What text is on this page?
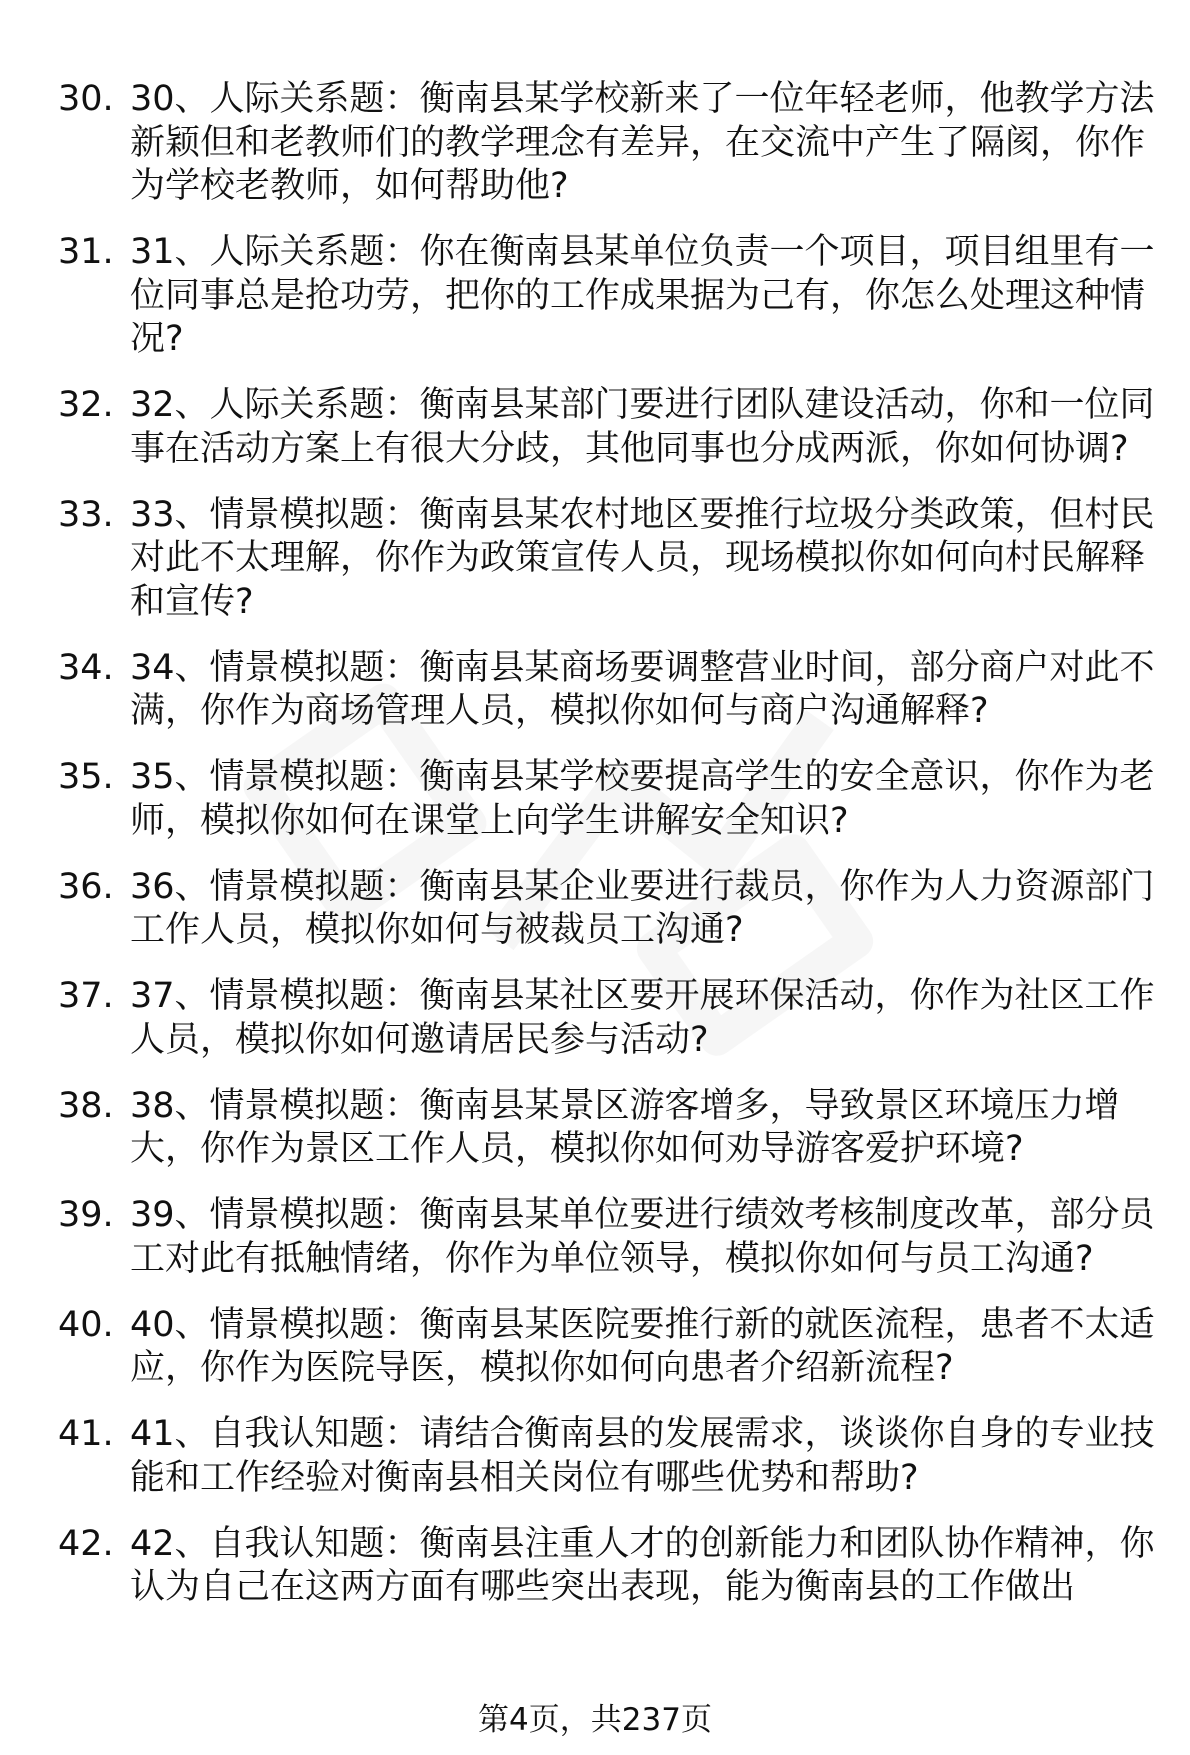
30. 30、人际关系题：衡南县某学校新来了一位年轻老师，他教学方法新颖但和老教师们的教学理念有差异，在交流中产生了隔阂，你作为学校老教师，如何帮助他?
31. 31、人际关系题：你在衡南县某单位负责一个项目，项目组里有一位同事总是抢功劳，把你的工作成果据为己有，你怎么处理这种情况?
32. 32、人际关系题：衡南县某部门要进行团队建设活动，你和一位同事在活动方案上有很大分歧，其他同事也分成两派，你如何协调?
33. 33、情景模拟题：衡南县某农村地区要推行垃圾分类政策，但村民对此不太理解，你作为政策宣传人员，现场模拟你如何向村民解释和宣传?
34. 34、情景模拟题：衡南县某商场要调整营业时间，部分商户对此不满，你作为商场管理人员，模拟你如何与商户沟通解释?
35. 35、情景模拟题：衡南县某学校要提高学生的安全意识，你作为老师，模拟你如何在课堂上向学生讲解安全知识?
36. 36、情景模拟题：衡南县某企业要进行裁员，你作为人力资源部门工作人员，模拟你如何与被裁员工沟通?
37. 37、情景模拟题：衡南县某社区要开展环保活动，你作为社区工作人员，模拟你如何邀请居民参与活动?
38. 38、情景模拟题：衡南县某景区游客增多，导致景区环境压力增大，你作为景区工作人员，模拟你如何劝导游客爱护环境?
39. 39、情景模拟题：衡南县某单位要进行绩效考核制度改革，部分员工对此有抵触情绪，你作为单位领导，模拟你如何与员工沟通?
40. 40、情景模拟题：衡南县某医院要推行新的就医流程，患者不太适应，你作为医院导医，模拟你如何向患者介绍新流程?
41. 41、自我认知题：请结合衡南县的发展需求，谈谈你自身的专业技能和工作经验对衡南县相关岗位有哪些优势和帮助?
42. 42、自我认知题：衡南县注重人才的创新能力和团队协作精神，你认为自己在这两方面有哪些突出表现，能为衡南县的工作做出
第4页，共237页
